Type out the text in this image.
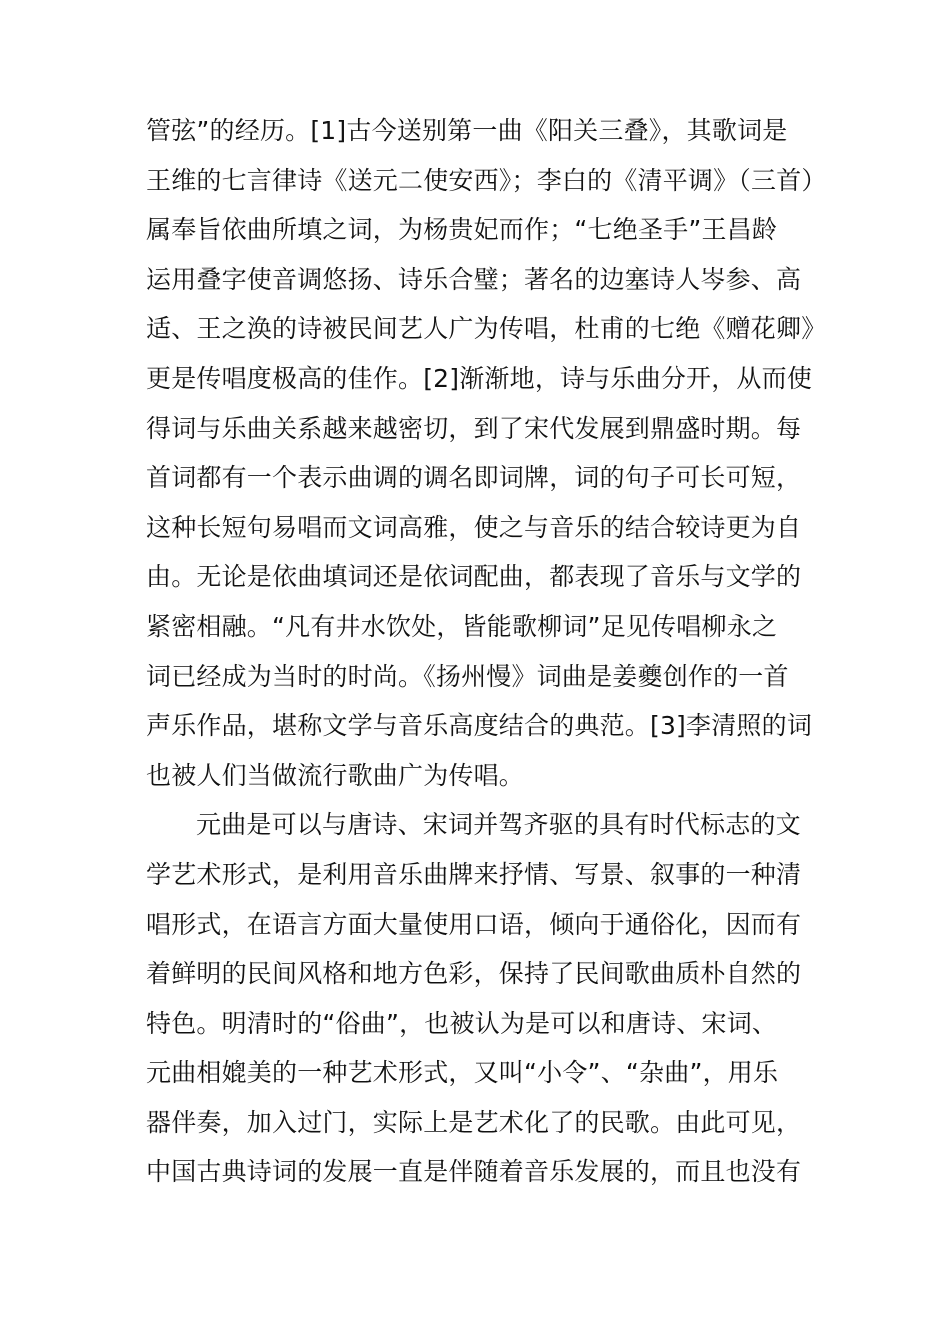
管弦”的经历。[1]古今送别第一曲《阳关三叠》，其歌词是
王维的七言律诗《送元二使安西》；李白的《清平调》（三首）
属奉旨依曲所填之词，为杨贵妃而作；“七绝圣手”王昌龄
运用叠字使音调悠扬、诗乐合璧；著名的边塞诗人岑参、高
适、王之涣的诗被民间艺人广为传唱，杜甫的七绝《赠花卿》
更是传唱度极高的佳作。[2]渐渐地，诗与乐曲分开，从而使
得词与乐曲关系越来越密切，到了宋代发展到鼎盛时期。每
首词都有一个表示曲调的调名即词牌，词的句子可长可短，
这种长短句易唱而文词高雅，使之与音乐的结合较诗更为自
由。无论是依曲填词还是依词配曲，都表现了音乐与文学的
紧密相融。“凡有井水饮处，皆能歌柳词”足见传唱柳永之
词已经成为当时的时尚。《扬州慢》词曲是姜夔创作的一首
声乐作品，堪称文学与音乐高度结合的典范。[3]李清照的词
也被人们当做流行歌曲广为传唱。
元曲是可以与唐诗、宋词并驾齐驱的具有时代标志的文
学艺术形式，是利用音乐曲牌来抒情、写景、叙事的一种清
唱形式，在语言方面大量使用口语，倾向于通俗化，因而有
着鲜明的民间风格和地方色彩，保持了民间歌曲质朴自然的
特色。明清时的“俗曲”，也被认为是可以和唐诗、宋词、
元曲相媲美的一种艺术形式，又叫“小令”、“杂曲”，用乐
器伴奏，加入过门，实际上是艺术化了的民歌。由此可见，
中国古典诗词的发展一直是伴随着音乐发展的，而且也没有
